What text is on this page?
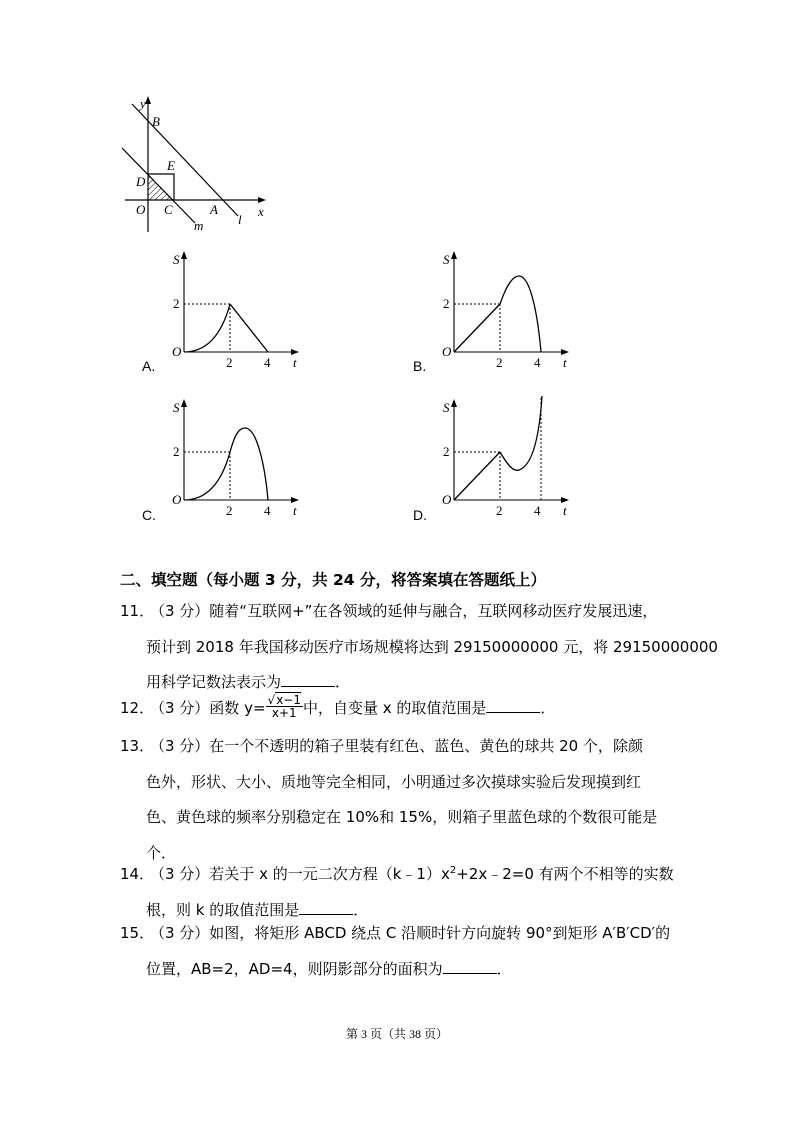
y
B
E
D
O C	A	x
m	l
S
2
O
2 4 t
A.
S
2
O
2 4 t
B.
S
2
O
2 4 t
C.
S
2
O
2 4 t
D.
二、填空题（每小题 3 分，共 24 分，将答案填在答题纸上）
11．（3 分）随着“互联网+”在各领域的延伸与融合，互联网移动医疗发展迅速，
预计到 2018 年我国移动医疗市场规模将达到 29150000000 元，将 29150000000
用科学记数法表示为	．
12．（3 分）函数 $y= \frac{√x-1}{x+1}$ 中，自变量 x 的取值范围是	．
13．（3 分）在一个不透明的箱子里装有红色、蓝色、黄色的球共 20 个，除颜
色外，形状、大小、质地等完全相同，小明通过多次摸球实验后发现摸到红
色、黄色球的频率分别稳定在 10%和 15%，则箱子里蓝色球的个数很可能是
个．
14．（3 分）若关于 x 的一元二次方程$(k﹣1)x^2+2x﹣2=0$ 有两个不相等的实数
根，则 k 的取值范围是	．
15．（3 分）如图，将矩形 ABCD 绕点 C 沿顺时针方向旋转 90°到矩形 A′B′CD′的
位置，AB=2，AD=4，则阴影部分的面积为	．
第 3 页（共 38 页）
